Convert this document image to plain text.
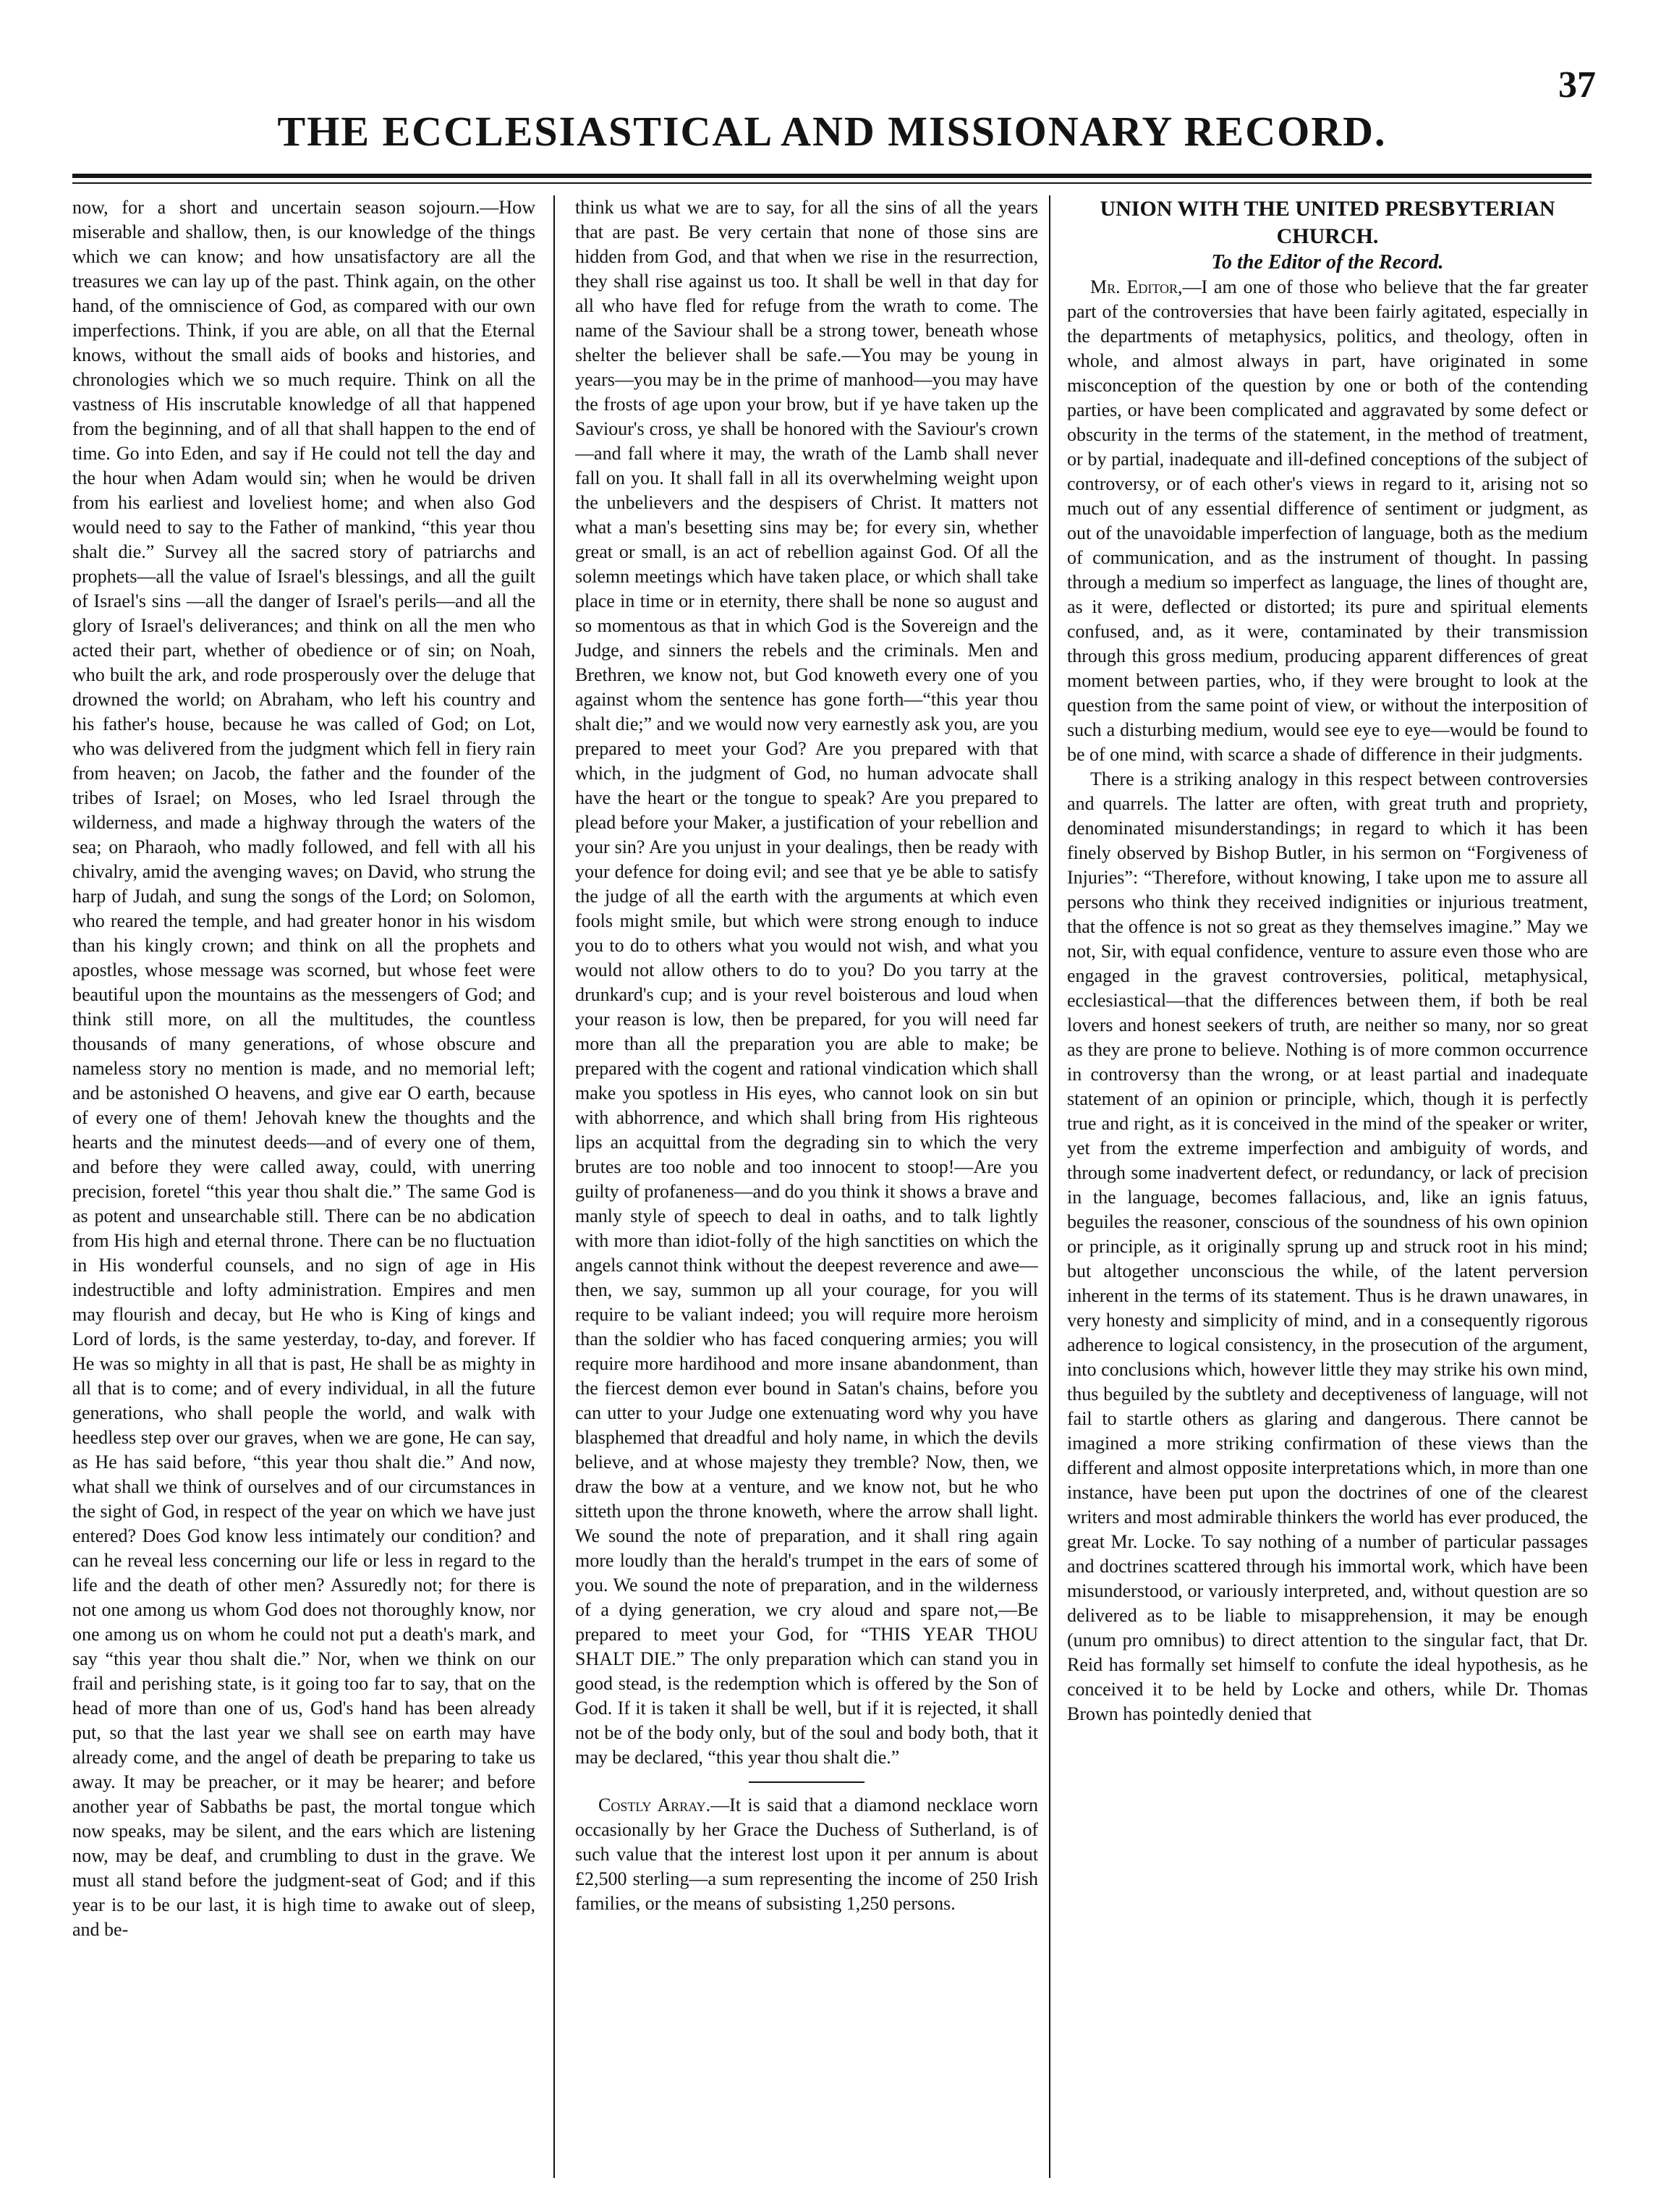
37
THE ECCLESIASTICAL AND MISSIONARY RECORD.

now, for a short and uncertain season sojourn.—How miserable and shallow, then, is our knowledge of the things which we can know; and how unsatisfactory are all the treasures we can lay up of the past. Think again, on the other hand, of the omniscience of God, as compared with our own imperfections. Think, if you are able, on all that the Eternal knows, without the small aids of books and histories, and chronologies which we so much require. Think on all the vastness of His inscrutable knowledge of all that happened from the beginning, and of all that shall happen to the end of time. Go into Eden, and say if He could not tell the day and the hour when Adam would sin; when he would be driven from his earliest and loveliest home; and when also God would need to say to the Father of mankind, “this year thou shalt die.” Survey all the sacred story of patriarchs and prophets—all the value of Israel's blessings, and all the guilt of Israel's sins —all the danger of Israel's perils—and all the glory of Israel's deliverances; and think on all the men who acted their part, whether of obedience or of sin; on Noah, who built the ark, and rode prosperously over the deluge that drowned the world; on Abraham, who left his country and his father's house, because he was called of God; on Lot, who was delivered from the judgment which fell in fiery rain from heaven; on Jacob, the father and the founder of the tribes of Israel; on Moses, who led Israel through the wilderness, and made a highway through the waters of the sea; on Pharaoh, who madly followed, and fell with all his chivalry, amid the avenging waves; on David, who strung the harp of Judah, and sung the songs of the Lord; on Solomon, who reared the temple, and had greater honor in his wisdom than his kingly crown; and think on all the prophets and apostles, whose message was scorned, but whose feet were beautiful upon the mountains as the messengers of God; and think still more, on all the multitudes, the countless thousands of many generations, of whose obscure and nameless story no mention is made, and no memorial left; and be astonished O heavens, and give ear O earth, because of every one of them! Jehovah knew the thoughts and the hearts and the minutest deeds—and of every one of them, and before they were called away, could, with unerring precision, foretel “this year thou shalt die.” The same God is as potent and unsearchable still. There can be no abdication from His high and eternal throne. There can be no fluctuation in His wonderful counsels, and no sign of age in His indestructible and lofty administration. Empires and men may flourish and decay, but He who is King of kings and Lord of lords, is the same yesterday, to-day, and forever. If He was so mighty in all that is past, He shall be as mighty in all that is to come; and of every individual, in all the future generations, who shall people the world, and walk with heedless step over our graves, when we are gone, He can say, as He has said before, “this year thou shalt die.” And now, what shall we think of ourselves and of our circumstances in the sight of God, in respect of the year on which we have just entered? Does God know less intimately our condition? and can he reveal less concerning our life or less in regard to the life and the death of other men? Assuredly not; for there is not one among us whom God does not thoroughly know, nor one among us on whom he could not put a death's mark, and say “this year thou shalt die.” Nor, when we think on our frail and perishing state, is it going too far to say, that on the head of more than one of us, God's hand has been already put, so that the last year we shall see on earth may have already come, and the angel of death be preparing to take us away. It may be preacher, or it may be hearer; and before another year of Sabbaths be past, the mortal tongue which now speaks, may be silent, and the ears which are listening now, may be deaf, and crumbling to dust in the grave. We must all stand before the judgment-seat of God; and if this year is to be our last, it is high time to awake out of sleep, and be-

think us what we are to say, for all the sins of all the years that are past. Be very certain that none of those sins are hidden from God, and that when we rise in the resurrection, they shall rise against us too. It shall be well in that day for all who have fled for refuge from the wrath to come. The name of the Saviour shall be a strong tower, beneath whose shelter the believer shall be safe.—You may be young in years—you may be in the prime of manhood—you may have the frosts of age upon your brow, but if ye have taken up the Saviour's cross, ye shall be honored with the Saviour's crown—and fall where it may, the wrath of the Lamb shall never fall on you. It shall fall in all its overwhelming weight upon the unbelievers and the despisers of Christ. It matters not what a man's besetting sins may be; for every sin, whether great or small, is an act of rebellion against God. Of all the solemn meetings which have taken place, or which shall take place in time or in eternity, there shall be none so august and so momentous as that in which God is the Sovereign and the Judge, and sinners the rebels and the criminals. Men and Brethren, we know not, but God knoweth every one of you against whom the sentence has gone forth—“this year thou shalt die;” and we would now very earnestly ask you, are you prepared to meet your God? Are you prepared with that which, in the judgment of God, no human advocate shall have the heart or the tongue to speak? Are you prepared to plead before your Maker, a justification of your rebellion and your sin? Are you unjust in your dealings, then be ready with your defence for doing evil; and see that ye be able to satisfy the judge of all the earth with the arguments at which even fools might smile, but which were strong enough to induce you to do to others what you would not wish, and what you would not allow others to do to you? Do you tarry at the drunkard's cup; and is your revel boisterous and loud when your reason is low, then be prepared, for you will need far more than all the preparation you are able to make; be prepared with the cogent and rational vindication which shall make you spotless in His eyes, who cannot look on sin but with abhorrence, and which shall bring from His righteous lips an acquittal from the degrading sin to which the very brutes are too noble and too innocent to stoop!—Are you guilty of profaneness—and do you think it shows a brave and manly style of speech to deal in oaths, and to talk lightly with more than idiot-folly of the high sanctities on which the angels cannot think without the deepest reverence and awe—then, we say, summon up all your courage, for you will require to be valiant indeed; you will require more heroism than the soldier who has faced conquering armies; you will require more hardihood and more insane abandonment, than the fiercest demon ever bound in Satan's chains, before you can utter to your Judge one extenuating word why you have blasphemed that dreadful and holy name, in which the devils believe, and at whose majesty they tremble? Now, then, we draw the bow at a venture, and we know not, but he who sitteth upon the throne knoweth, where the arrow shall light. We sound the note of preparation, and it shall ring again more loudly than the herald's trumpet in the ears of some of you. We sound the note of preparation, and in the wilderness of a dying generation, we cry aloud and spare not,—Be prepared to meet your God, for “THIS YEAR THOU SHALT DIE.” The only preparation which can stand you in good stead, is the redemption which is offered by the Son of God. If it is taken it shall be well, but if it is rejected, it shall not be of the body only, but of the soul and body both, that it may be declared, “this year thou shalt die.”

Costly Array.—It is said that a diamond necklace worn occasionally by her Grace the Duchess of Sutherland, is of such value that the interest lost upon it per annum is about £2,500 sterling—a sum representing the income of 250 Irish families, or the means of subsisting 1,250 persons.

UNION WITH THE UNITED PRESBYTERIAN CHURCH.

To the Editor of the Record.

Mr. Editor,—I am one of those who believe that the far greater part of the controversies that have been fairly agitated, especially in the departments of metaphysics, politics, and theology, often in whole, and almost always in part, have originated in some misconception of the question by one or both of the contending parties, or have been complicated and aggravated by some defect or obscurity in the terms of the statement, in the method of treatment, or by partial, inadequate and ill-defined conceptions of the subject of controversy, or of each other's views in regard to it, arising not so much out of any essential difference of sentiment or judgment, as out of the unavoidable imperfection of language, both as the medium of communication, and as the instrument of thought. In passing through a medium so imperfect as language, the lines of thought are, as it were, deflected or distorted; its pure and spiritual elements confused, and, as it were, contaminated by their transmission through this gross medium, producing apparent differences of great moment between parties, who, if they were brought to look at the question from the same point of view, or without the interposition of such a disturbing medium, would see eye to eye—would be found to be of one mind, with scarce a shade of difference in their judgments.

There is a striking analogy in this respect between controversies and quarrels. The latter are often, with great truth and propriety, denominated misunderstandings; in regard to which it has been finely observed by Bishop Butler, in his sermon on “Forgiveness of Injuries”: “Therefore, without knowing, I take upon me to assure all persons who think they received indignities or injurious treatment, that the offence is not so great as they themselves imagine.” May we not, Sir, with equal confidence, venture to assure even those who are engaged in the gravest controversies, political, metaphysical, ecclesiastical—that the differences between them, if both be real lovers and honest seekers of truth, are neither so many, nor so great as they are prone to believe. Nothing is of more common occurrence in controversy than the wrong, or at least partial and inadequate statement of an opinion or principle, which, though it is perfectly true and right, as it is conceived in the mind of the speaker or writer, yet from the extreme imperfection and ambiguity of words, and through some inadvertent defect, or redundancy, or lack of precision in the language, becomes fallacious, and, like an ignis fatuus, beguiles the reasoner, conscious of the soundness of his own opinion or principle, as it originally sprung up and struck root in his mind; but altogether unconscious the while, of the latent perversion inherent in the terms of its statement. Thus is he drawn unawares, in very honesty and simplicity of mind, and in a consequently rigorous adherence to logical consistency, in the prosecution of the argument, into conclusions which, however little they may strike his own mind, thus beguiled by the subtlety and deceptiveness of language, will not fail to startle others as glaring and dangerous. There cannot be imagined a more striking confirmation of these views than the different and almost opposite interpretations which, in more than one instance, have been put upon the doctrines of one of the clearest writers and most admirable thinkers the world has ever produced, the great Mr. Locke. To say nothing of a number of particular passages and doctrines scattered through his immortal work, which have been misunderstood, or variously interpreted, and, without question are so delivered as to be liable to misapprehension, it may be enough (unum pro omnibus) to direct attention to the singular fact, that Dr. Reid has formally set himself to confute the ideal hypothesis, as he conceived it to be held by Locke and others, while Dr. Thomas Brown has pointedly denied that
